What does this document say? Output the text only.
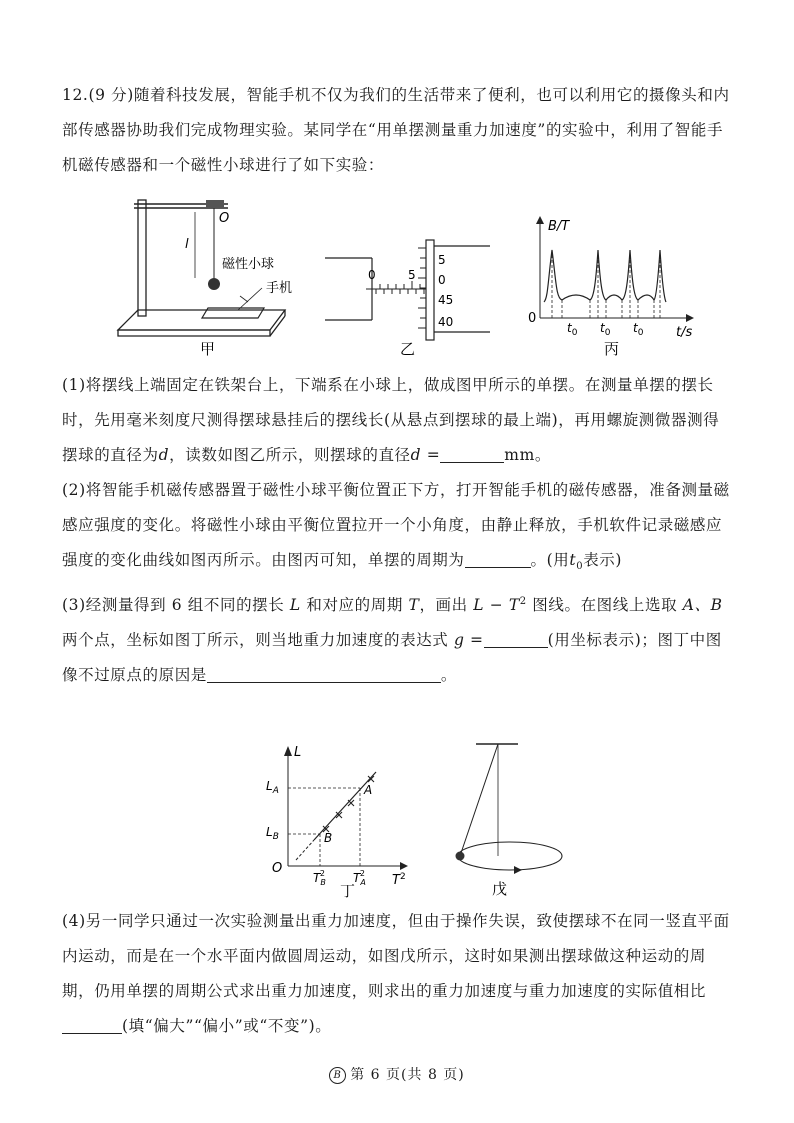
12.(9 分)随着科技发展，智能手机不仅为我们的生活带来了便利，也可以利用它的摄像头和内部传感器协助我们完成物理实验。某同学在“用单摆测量重力加速度”的实验中，利用了智能手机磁传感器和一个磁性小球进行了如下实验：

l
O
磁性小球
手机
甲
0	5
5
0
45
40
乙
B/T
t/s
0
$t_0$ $t_0$ $t_0$
丙

(1)将摆线上端固定在铁架台上，下端系在小球上，做成图甲所示的单摆。在测量单摆的摆长时，先用毫米刻度尺测得摆球悬挂后的摆线长(从悬点到摆球的最上端)，再用螺旋测微器测得摆球的直径为d，读数如图乙所示，则摆球的直径d =	mm。

(2)将智能手机磁传感器置于磁性小球平衡位置正下方，打开智能手机的磁传感器，准备测量磁感应强度的变化。将磁性小球由平衡位置拉开一个小角度，由静止释放，手机软件记录磁感应强度的变化曲线如图丙所示。由图丙可知，单摆的周期为	。(用$t_0$表示)

(3)经测量得到 6 组不同的摆长 L 和对应的周期 T，画出 $L - T^2$ 图线。在图线上选取 A、B 两个点，坐标如图丁所示，则当地重力加速度的表达式 g =	(用坐标表示)；图丁中图像不过原点的原因是	。

L
$T^2$
O
$L_A$
$L_B$
A
B
$T_B2$ $T_A2$
丁	戊

(4)另一同学只通过一次实验测量出重力加速度，但由于操作失误，致使摆球不在同一竖直平面内运动，而是在一个水平面内做圆周运动，如图戊所示，这时如果测出摆球做这种运动的周期，仍用单摆的周期公式求出重力加速度，则求出的重力加速度与重力加速度的实际值相比(填“偏大”“偏小”或“不变”)。

B 第 6 页(共 8 页)
